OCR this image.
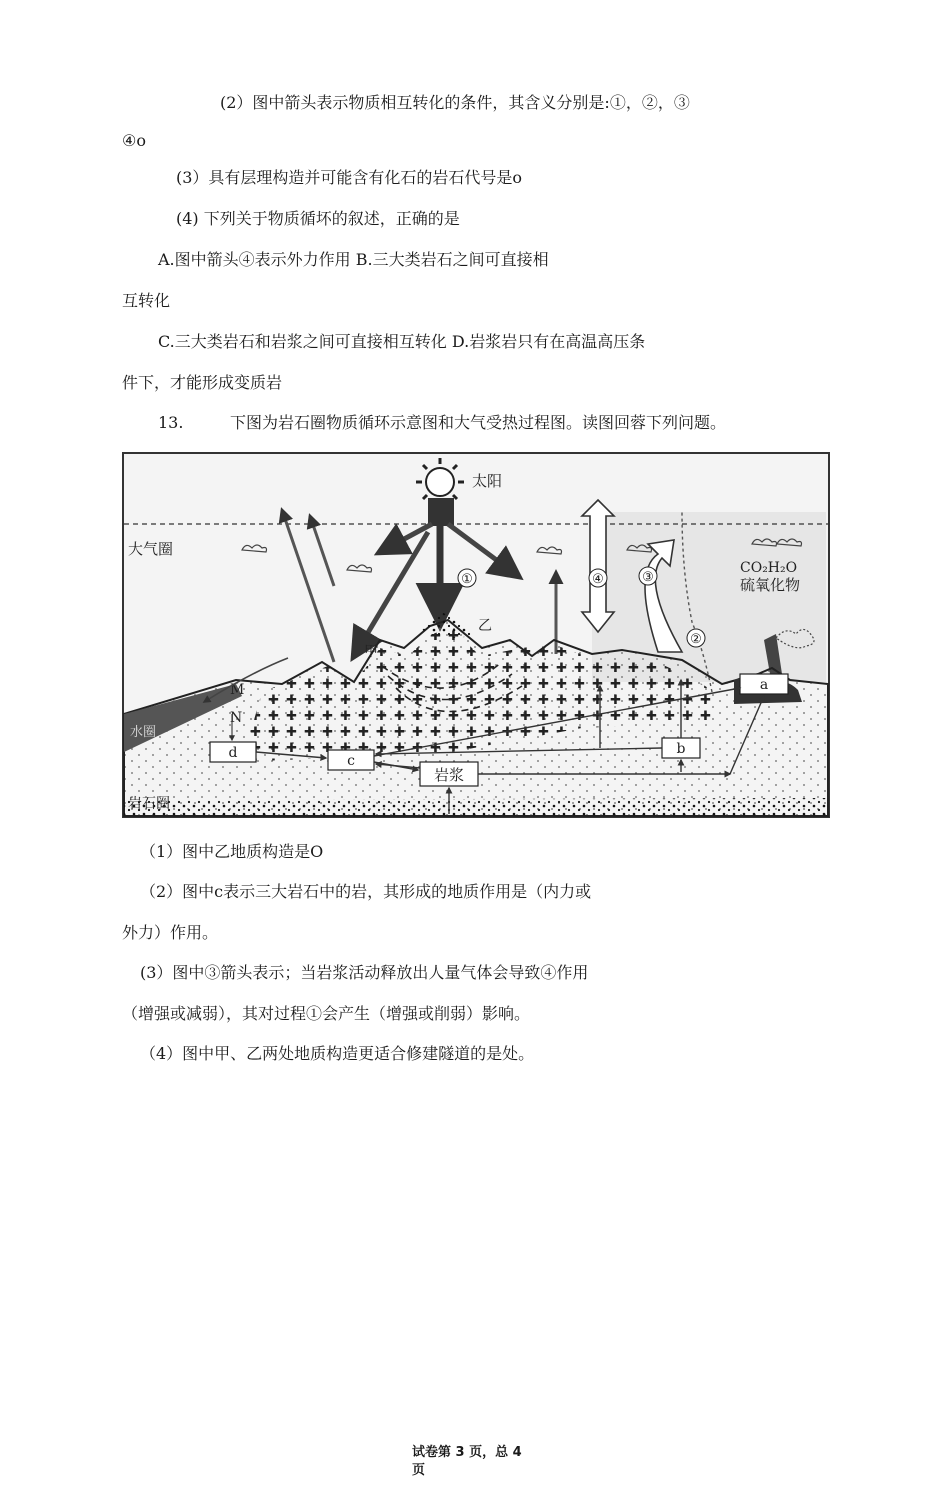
(2）图中箭头表示物质相互转化的条件，其含义分别是:①，②，③
④o
(3）具有层理构造并可能含有化石的岩石代号是o
(4) 下列关于物质循坏的叙述，正确的是
A.图中箭头④表示外力作用 B.三大类岩石之间可直接相
互转化
C.三大类岩石和岩浆之间可直接相互转化 D.岩浆岩只有在高温高压条
件下，才能形成变质岩
13.	下图为岩石圈物质循环示意图和大气受热过程图。读图回蓉下列问题。
大气圈
太阳
①	④	③
②
CO₂H₂O
硫氧化物
水圈
岩石圈
甲
乙
M
N
d	c
岩浆
b
a
（1）图中乙地质构造是O
（2）图中c表示三大岩石中的岩，其形成的地质作用是（内力或
外力）作用。
(3）图中③箭头表示；当岩浆活动释放出人量气体会导致④作用
（增强或减弱），其对过程①会产生（增强或削弱）影响。
（4）图中甲、乙两处地质构造更适合修建隧道的是处。
试卷第 3 页，总 4
页
